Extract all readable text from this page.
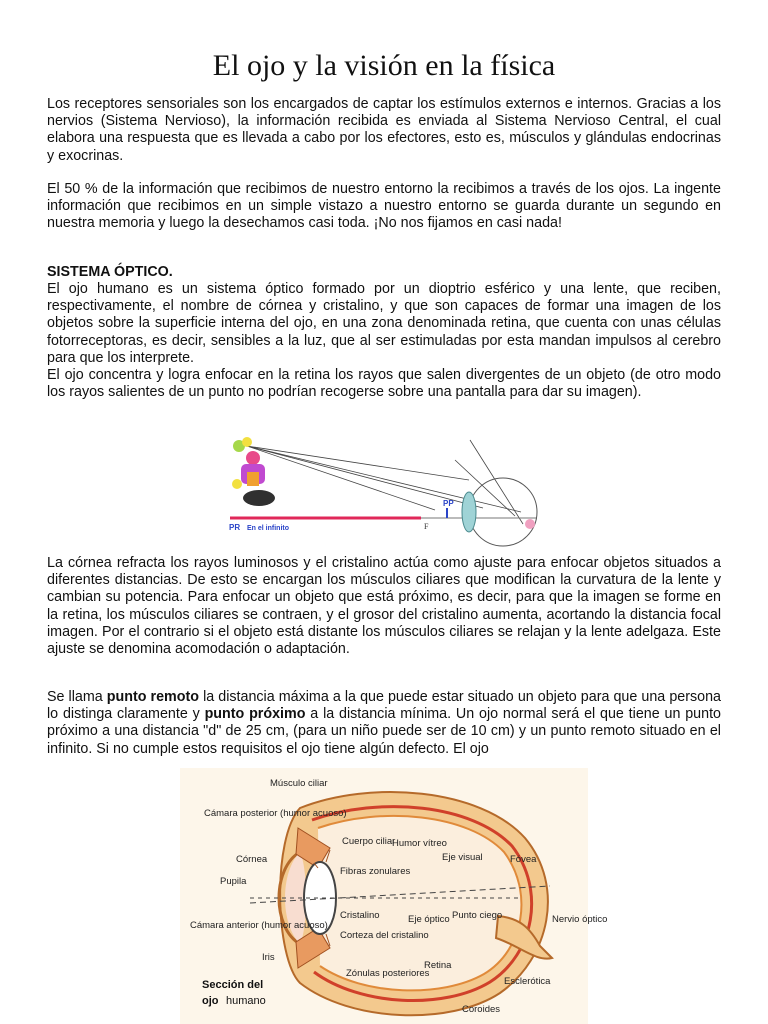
El ojo y la visión en la física

Los receptores sensoriales son los encargados de captar los estímulos externos e internos. Gracias a los nervios (Sistema Nervioso), la información recibida es enviada al Sistema Nervioso Central, el cual elabora una respuesta que es llevada a cabo por los efectores, esto es, músculos y glándulas endocrinas y exocrinas.

El 50 % de la información que recibimos de nuestro entorno la recibimos a través de los ojos. La ingente información que recibimos en un simple vistazo a nuestro entorno se guarda durante un segundo en nuestra memoria y luego la desechamos casi toda. ¡No nos fijamos en casi nada!

SISTEMA ÓPTICO.

El ojo humano es un sistema óptico formado por un dioptrio esférico y una lente, que reciben, respectivamente, el nombre de córnea y cristalino, y que son capaces de formar una imagen de los objetos sobre la superficie interna del ojo, en una zona denominada retina, que cuenta con unas células fotorreceptoras, es decir, sensibles a la luz, que al ser estimuladas por esta mandan impulsos al cerebro para que los interprete.

El ojo concentra y logra enfocar en la retina los rayos que salen divergentes de un objeto (de otro modo los rayos salientes de un punto no podrían recogerse sobre una pantalla para dar su imagen).

PR En el infinito
PP
F

La córnea refracta los rayos luminosos y el cristalino actúa como ajuste para enfocar objetos situados a diferentes distancias. De esto se encargan los músculos ciliares que modifican la curvatura de la lente y cambian su potencia. Para enfocar un objeto que está próximo, es decir, para que la imagen se forme en la retina, los músculos ciliares se contraen, y el grosor del cristalino aumenta, acortando la distancia focal imagen. Por el contrario si el objeto está distante los músculos ciliares se relajan y la lente adelgaza. Este ajuste se denomina acomodación o adaptación.

Se llama punto remoto la distancia máxima a la que puede estar situado un objeto para que una persona lo distinga claramente y punto próximo a la distancia mínima. Un ojo normal será el que tiene un punto próximo a una distancia "d" de 25 cm, (para un niño puede ser de 10 cm) y un punto remoto situado en el infinito. Si no cumple estos requisitos el ojo tiene algún defecto. El ojo

Músculo ciliar
Cámara posterior (humor acuoso)
Córnea
Pupila
Cámara anterior (humor acuoso)
Iris
Cuerpo ciliar
Fibras zonulares
Cristalino
Corteza del cristalino
Zónulas posteriores
Humor vítreo
Eje visual
Eje óptico Punto ciego
Retina
Fóvea
Nervio óptico
Esclerótica
Coroides
Sección del
ojo humano
